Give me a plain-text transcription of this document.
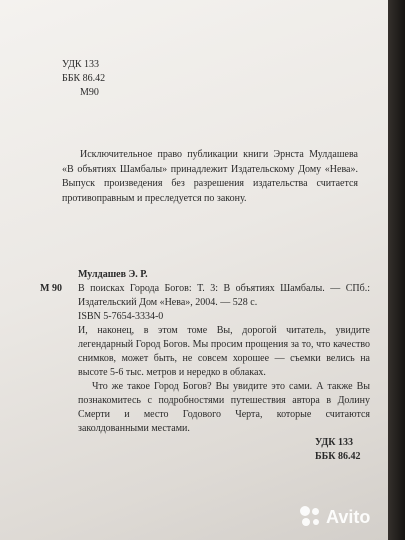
УДК 133
ББК 86.42
М90
Исключительное право публикации книги Эрнста Мулдашева «В объятиях Шамбалы» принадлежит Издательскому Дому «Нева». Выпуск произведения без разрешения издательства считается противоправным и преследуется по закону.
Мулдашев Э. Р.
М 90	В поисках Города Богов: Т. 3: В объятиях Шамбалы. — СПб.: Издательский Дом «Нева», 2004. — 528 с.
ISBN 5-7654-3334-0
И, наконец, в этом томе Вы, дорогой читатель, увидите легендарный Город Богов. Мы просим прощения за то, что качество снимков, может быть, не совсем хорошее — съемки велись на высоте 5-6 тыс. метров и нередко в облаках.
Что же такое Город Богов? Вы увидите это сами. А также Вы познакомитесь с подробностями путешествия автора в Долину Смерти и место Годового Черта, которые считаются заколдованными местами.
УДК 133
ББК 86.42
Avito
